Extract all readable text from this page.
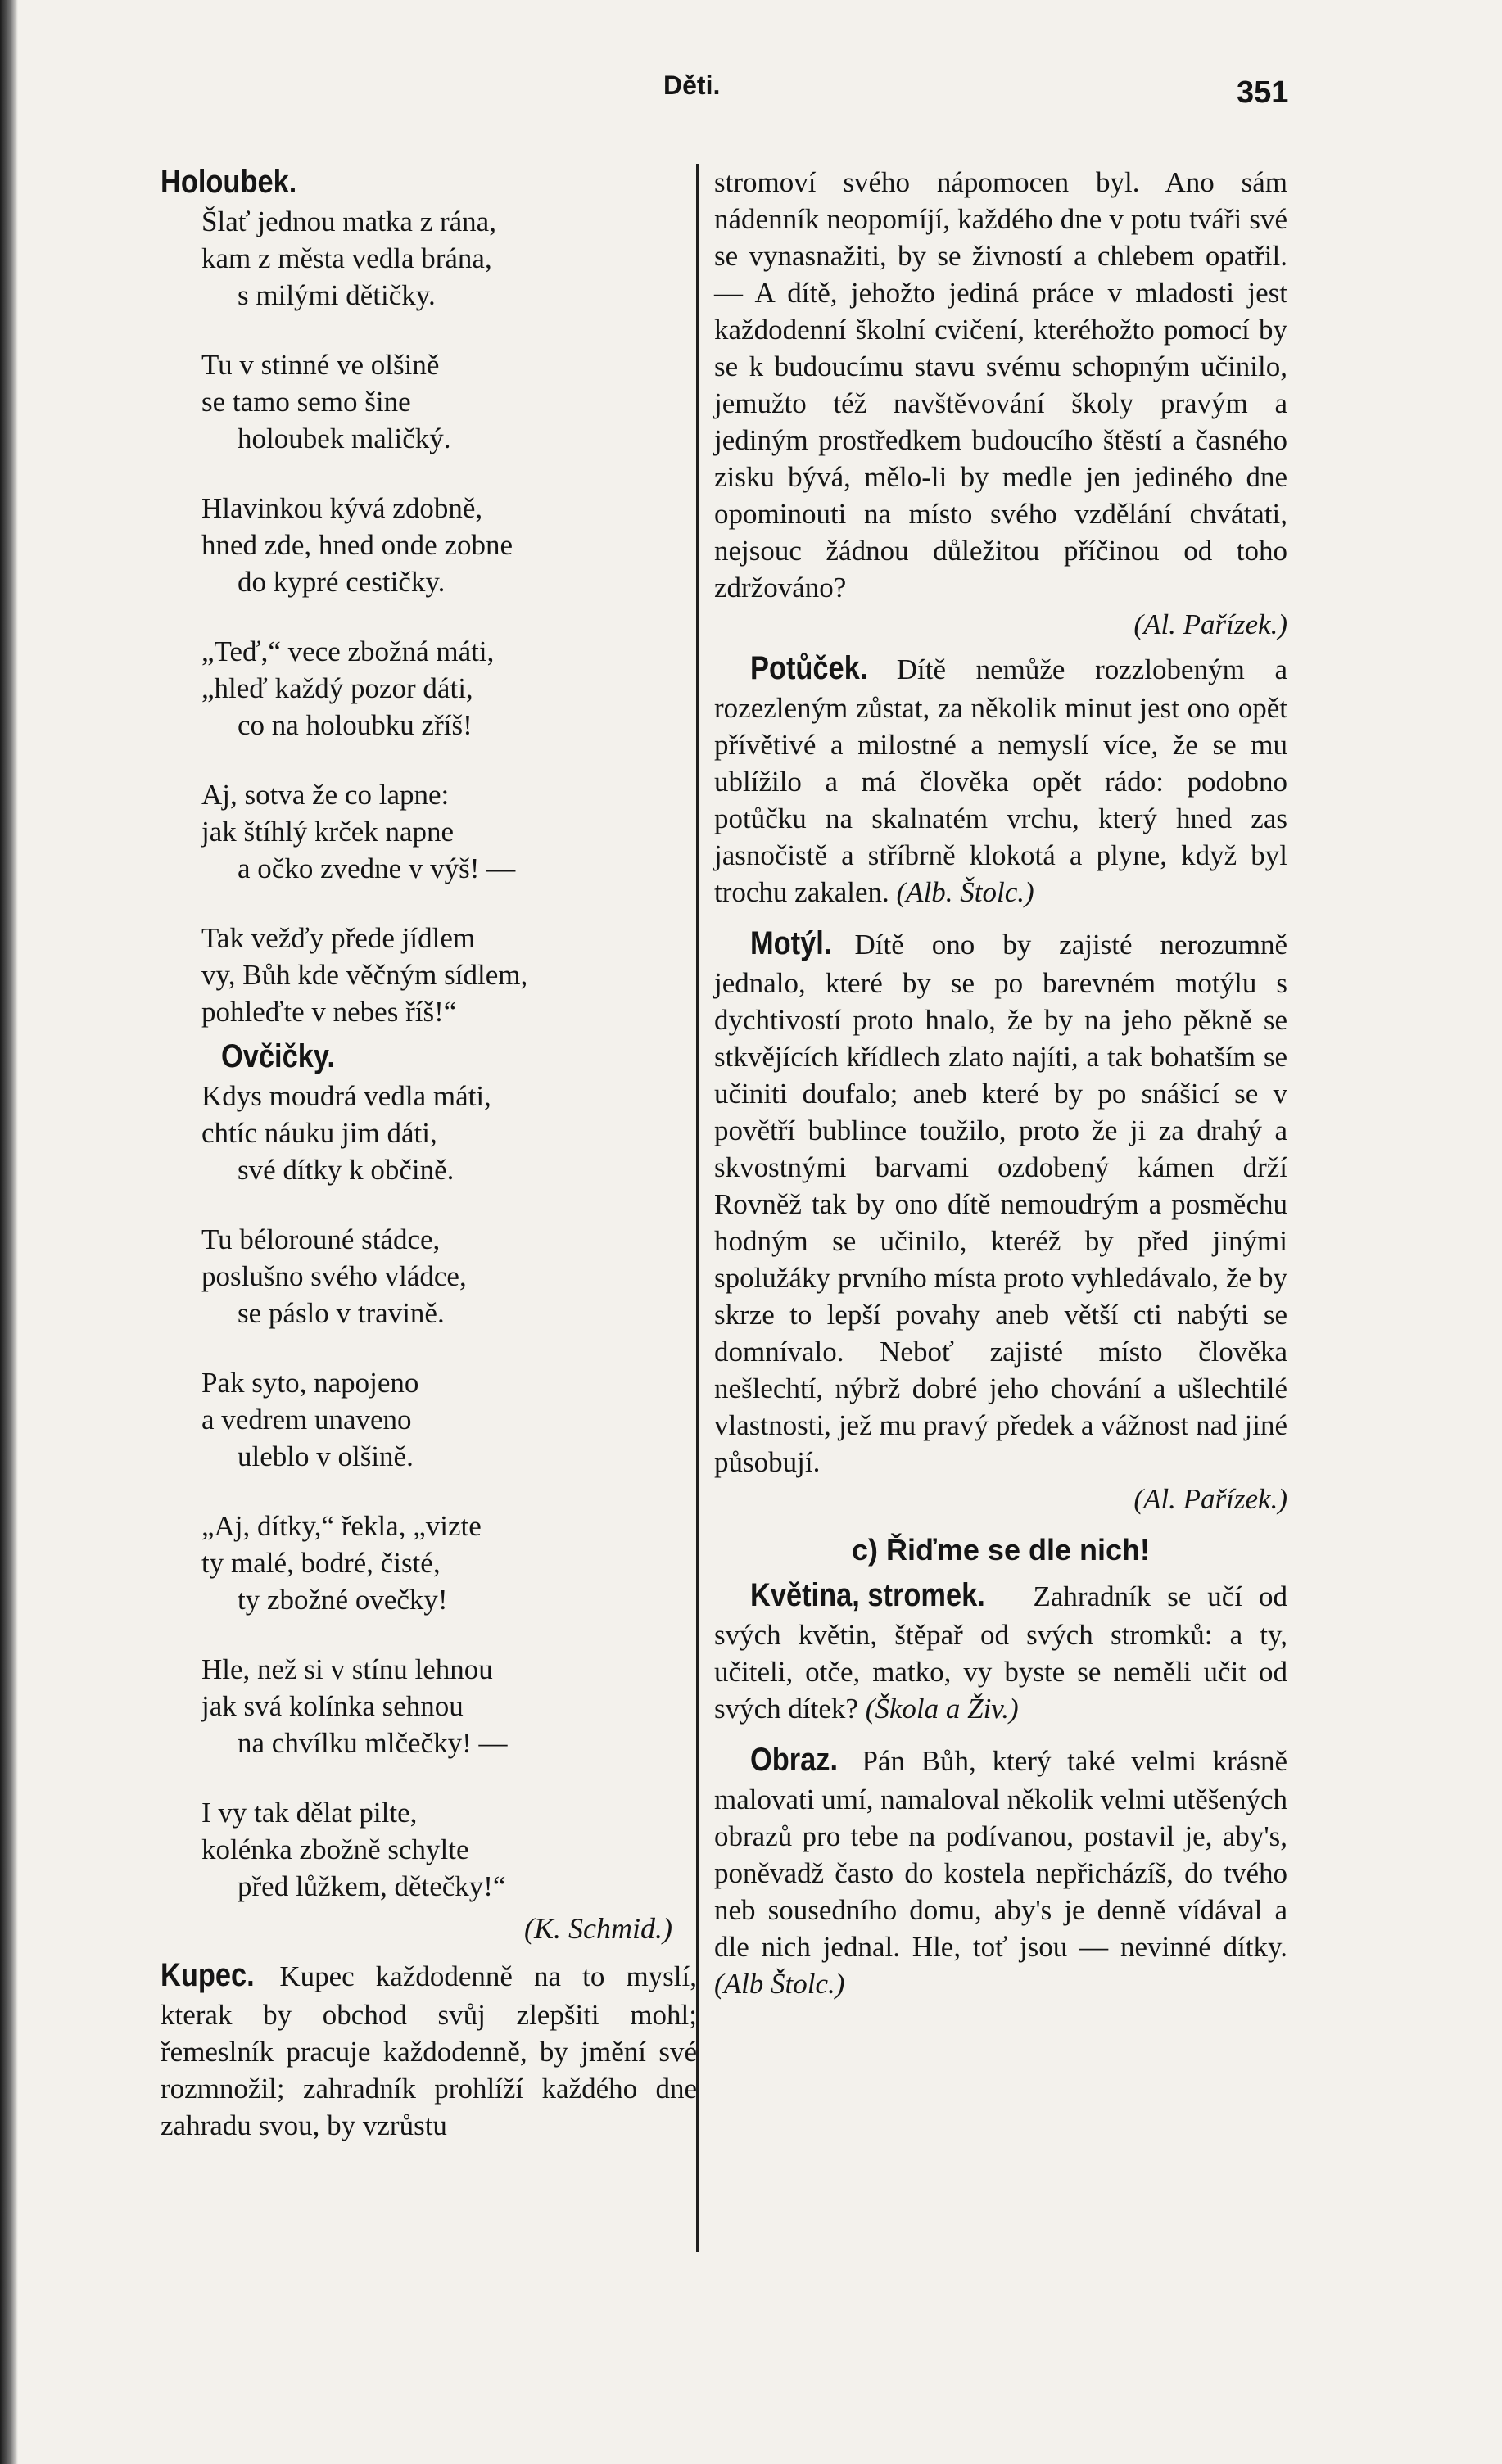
Děti.	351
Holoubek.
Šlať jednou matka z rána,
kam z města vedla brána,
s milými dětičky.
Tu v stinné ve olšině
se tamo semo šine
holoubek maličký.
Hlavinkou kývá zdobně,
hned zde, hned onde zobne
do kypré cestičky.
„Teď,“ vece zbožná máti,
„hleď každý pozor dáti,
co na holoubku zříš!
Aj, sotva že co lapne:
jak štíhlý krček napne
a očko zvedne v výš! —
Tak vežďy přede jídlem
vy, Bůh kde věčným sídlem,
pohleďte v nebes říš!“
Ovčičky.
Kdys moudrá vedla máti,
chtíc náuku jim dáti,
své dítky k občině.
Tu bélorouné stádce,
poslušno svého vládce,
se páslo v travině.
Pak syto, napojeno
a vedrem unaveno
uleblo v olšině.
„Aj, dítky,“ řekla, „vizte
ty malé, bodré, čisté,
ty zbožné ovečky!
Hle, než si v stínu lehnou
jak svá kolínka sehnou
na chvílku mlčečky! —
I vy tak dělat pilte,
kolénka zbožně schylte
před lůžkem, dětečky!“
(K. Schmid.)

Kupec. Kupec každodenně na to myslí, kterak by obchod svůj zlepšiti mohl; řemeslník pracuje každodenně, by jmění své rozmnožil; zahradník prohlíží každého dne zahradu svou, by vzrůstu

stromoví svého nápomocen byl. Ano sám nádenník neopomíjí, každého dne v potu tváři své se vynasnažiti, by se živností a chlebem opatřil. — A dítě, jehožto jediná práce v mladosti jest každodenní školní cvičení, kteréhožto pomocí by se k budoucímu stavu svému schopným učinilo, jemužto též navštěvování školy pravým a jediným prostředkem budoucího štěstí a časného zisku bývá, mělo-li by medle jen jediného dne opominouti na místo svého vzdělání chvátati, nejsouc žádnou důležitou příčinou od toho zdržováno?

(Al. Pařízek.)

Potůček. Dítě nemůže rozzlobeným a rozezleným zůstat, za několik minut jest ono opět přívětivé a milostné a nemyslí více, že se mu ublížilo a má člověka opět rádo: podobno potůčku na skalnatém vrchu, který hned zas jasnočistě a stříbrně klokotá a plyne, když byl trochu zakalen. (Alb. Štolc.)

Motýl. Dítě ono by zajisté nerozumně jednalo, které by se po barevném motýlu s dychtivostí proto hnalo, že by na jeho pěkně se stkvějících křídlech zlato najíti, a tak bohatším se učiniti doufalo; aneb které by po snášicí se v povětří bublince toužilo, proto že ji za drahý a skvostnými barvami ozdobený kámen drží Rovněž tak by ono dítě nemoudrým a posměchu hodným se učinilo, kteréž by před jinými spolužáky prvního místa proto vyhledávalo, že by skrze to lepší povahy aneb větší cti nabýti se domnívalo. Neboť zajisté místo člověka nešlechtí, nýbrž dobré jeho chování a ušlechtilé vlastnosti, jež mu pravý předek a vážnost nad jiné působují.

(Al. Pařízek.)
c) Řiďme se dle nich!

Květina, stromek. Zahradník se učí od svých květin, štěpař od svých stromků: a ty, učiteli, otče, matko, vy byste se neměli učit od svých dítek? (Škola a Živ.)

Obraz. Pán Bůh, který také velmi krásně malovati umí, namaloval několik velmi utěšených obrazů pro tebe na podívanou, postavil je, aby's, poněvadž často do kostela nepřicházíš, do tvého neb sousedního domu, aby's je denně vídával a dle nich jednal. Hle, toť jsou — nevinné dítky. (Alb Štolc.)
